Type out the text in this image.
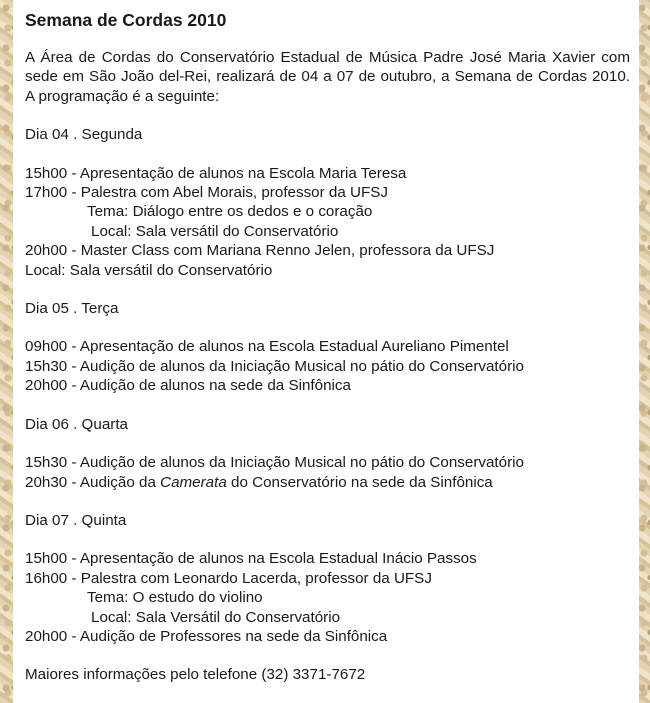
Semana de Cordas 2010

A Área de Cordas do Conservatório Estadual de Música Padre José Maria Xavier com sede em São João del-Rei, realizará de 04 a 07 de outubro, a Semana de Cordas 2010. A programação é a seguinte:

Dia 04 . Segunda

15h00 - Apresentação de alunos na Escola Maria Teresa

17h00 - Palestra com Abel Morais, professor da UFSJ

Tema: Diálogo entre os dedos e o coração

Local: Sala versátil do Conservatório

20h00 - Master Class com Mariana Renno Jelen, professora da UFSJ

Local: Sala versátil do Conservatório

Dia 05 . Terça

09h00 - Apresentação de alunos na Escola Estadual Aureliano Pimentel

15h30 - Audição de alunos da Iniciação Musical no pátio do Conservatório

20h00 - Audição de alunos na sede da Sinfônica

Dia 06 . Quarta

15h30 - Audição de alunos da Iniciação Musical no pátio do Conservatório

20h30 - Audição da Camerata do Conservatório na sede da Sinfônica

Dia 07 . Quinta

15h00 - Apresentação de alunos na Escola Estadual Inácio Passos

16h00 - Palestra com Leonardo Lacerda, professor da UFSJ

Tema: O estudo do violino

Local: Sala Versátil do Conservatório

20h00 - Audição de Professores na sede da Sinfônica

Maiores informações pelo telefone (32) 3371-7672
